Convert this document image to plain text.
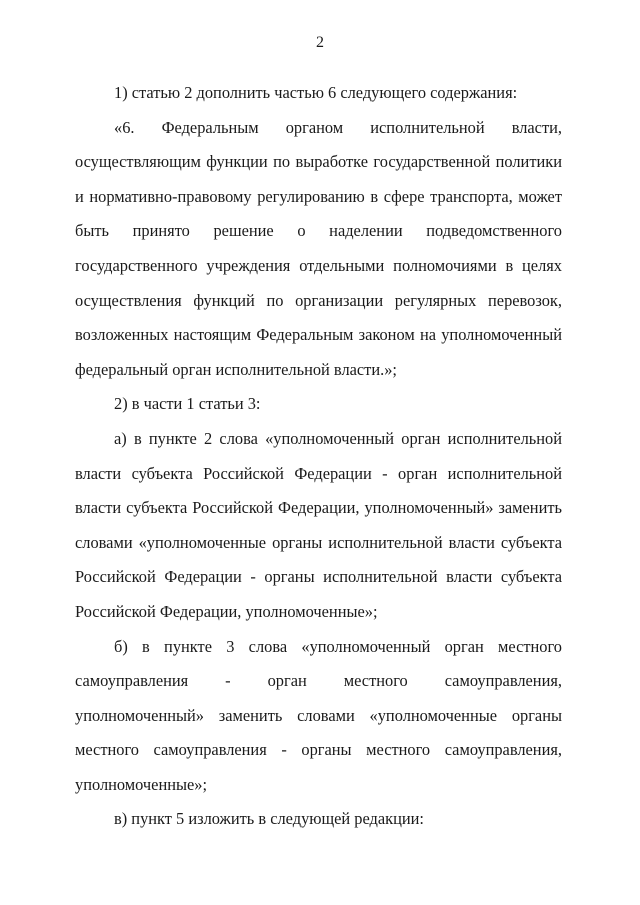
2

1) статью 2 дополнить частью 6 следующего содержания:

«6. Федеральным органом исполнительной власти, осуществляющим функции по выработке государственной политики и нормативно-правовому регулированию в сфере транспорта, может быть принято решение о наделении подведомственного государственного учреждения отдельными полномочиями в целях осуществления функций по организации регулярных перевозок, возложенных настоящим Федеральным законом на уполномоченный федеральный орган исполнительной власти.»;

2) в части 1 статьи 3:

а) в пункте 2 слова «уполномоченный орган исполнительной власти субъекта Российской Федерации - орган исполнительной власти субъекта Российской Федерации, уполномоченный» заменить словами «уполномоченные органы исполнительной власти субъекта Российской Федерации - органы исполнительной власти субъекта Российской Федерации, уполномоченные»;

б) в пункте 3 слова «уполномоченный орган местного самоуправления - орган местного самоуправления, уполномоченный» заменить словами «уполномоченные органы местного самоуправления - органы местного самоуправления, уполномоченные»;

в) пункт 5 изложить в следующей редакции:
